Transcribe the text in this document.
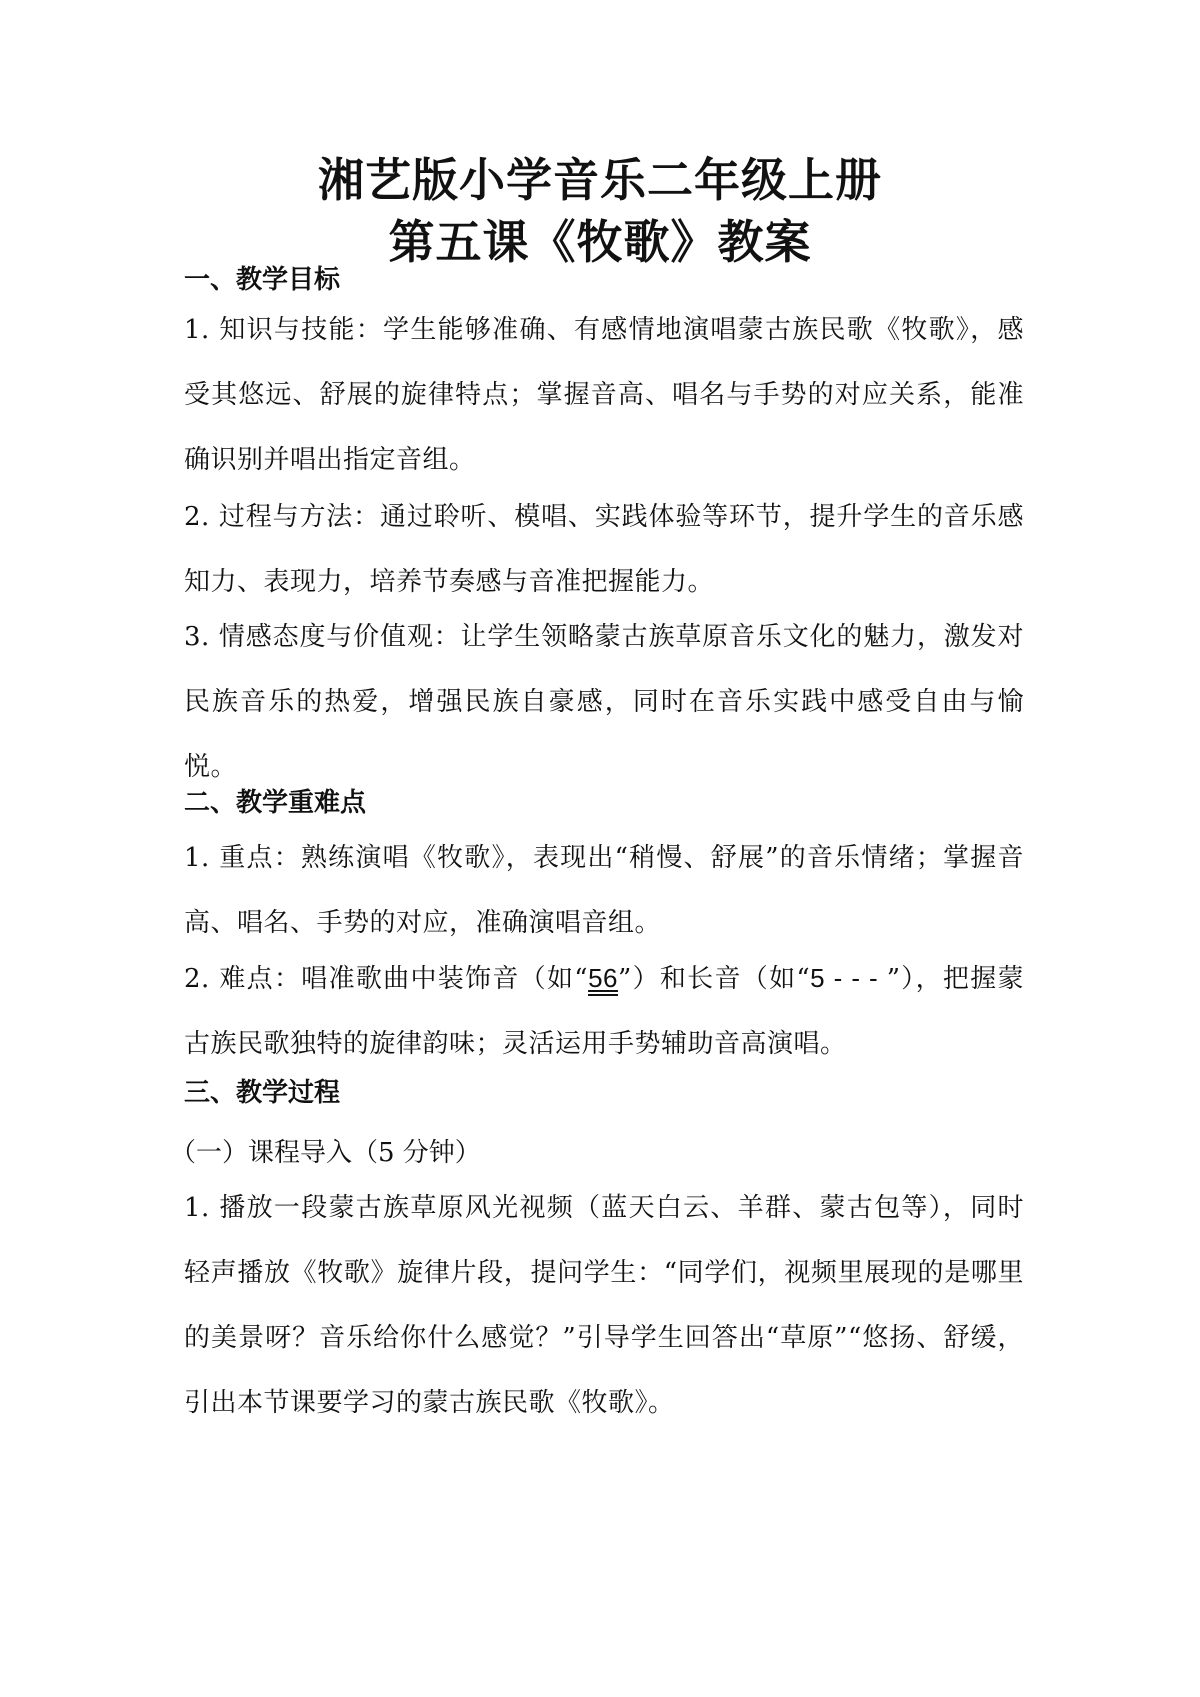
湘艺版小学音乐二年级上册
第五课《牧歌》教案
一、教学目标
1. 知识与技能：学生能够准确、有感情地演唱蒙古族民歌《牧歌》，感受其悠远、舒展的旋律特点；掌握音高、唱名与手势的对应关系，能准确识别并唱出指定音组。
2. 过程与方法：通过聆听、模唱、实践体验等环节，提升学生的音乐感知力、表现力，培养节奏感与音准把握能力。
3. 情感态度与价值观：让学生领略蒙古族草原音乐文化的魅力，激发对民族音乐的热爱，增强民族自豪感，同时在音乐实践中感受自由与愉悦。
二、教学重难点
1. 重点：熟练演唱《牧歌》，表现出“稍慢、舒展”的音乐情绪；掌握音高、唱名、手势的对应，准确演唱音组。
2. 难点：唱准歌曲中装饰音（如“56”）和长音（如“5 - - - ”），把握蒙古族民歌独特的旋律韵味；灵活运用手势辅助音高演唱。
三、教学过程
（一）课程导入（5 分钟）
1. 播放一段蒙古族草原风光视频（蓝天白云、羊群、蒙古包等），同时轻声播放《牧歌》旋律片段，提问学生：“同学们，视频里展现的是哪里的美景呀？音乐给你什么感觉？”引导学生回答出“草原”“悠扬、舒缓，引出本节课要学习的蒙古族民歌《牧歌》。
